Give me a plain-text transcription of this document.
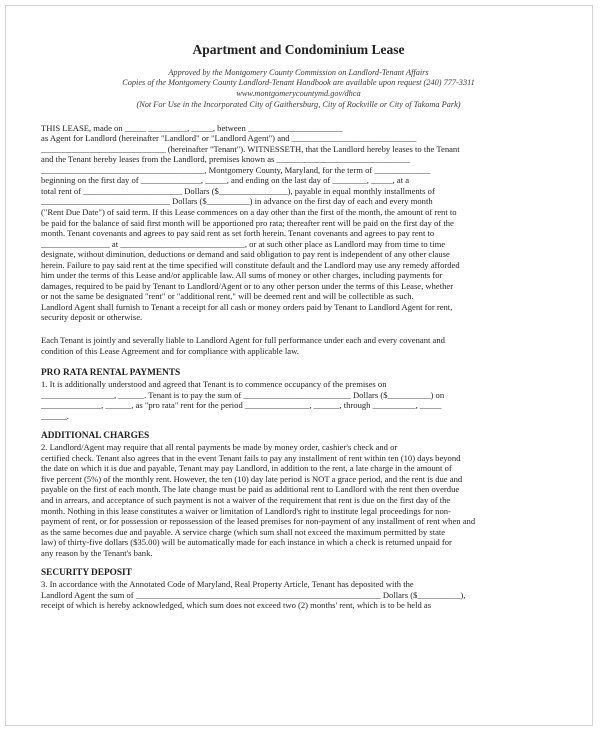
Apartment and Condominium Lease
Approved by the Montgomery County Commission on Landlord-Tenant Affairs
Copies of the Montgomery County Landlord-Tenant Handbook are available upon request (240) 777-3311
www.montgomerycountymd.gov/dhca
(Not For Use in the Incorporated City of Gaithersburg, City of Rockville or City of Takoma Park)
THIS LEASE, made on _____ _________, _____, between ______________________
as Agent for Landlord (hereinafter "Landlord" or "Landlord Agent") and _____________________________
_____________________________ (hereinafter "Tenant"). WITNESSETH, that the Landlord hereby leases to the Tenant
and the Tenant hereby leases from the Landlord, premises known as _______________________________
______________________________________, Montgomery County, Maryland, for the term of _____________
beginning on the first day of ______________, _____, and ending on the last day of ________, _____, at a
total rent of _______________________ Dollars ($________________), payable in equal monthly installments of
______________________________ Dollars ($__________) in advance on the first day of each and every month
("Rent Due Date") of said term. If this Lease commences on a day other than the first of the month, the amount of rent to
be paid for the balance of said first month will be apportioned pro rata; thereafter rent will be paid on the first day of the
month. Tenant covenants and agrees to pay said rent as set forth herein. Tenant covenants and agrees to pay rent to
________________ at _____________________________, or at such other place as Landlord may from time to time
designate, without diminution, deductions or demand and said obligation to pay rent is independent of any other clause
herein. Failure to pay said rent at the time specified will constitute default and the Landlord may use any remedy afforded
him under the terms of this Lease and/or applicable law. All sums of money or other charges, including payments for
damages, required to be paid by Tenant to Landlord/Agent or to any other person under the terms of this Lease, whether
or not the same be designated "rent" or "additional rent," will be deemed rent and will be collectible as such.
Landlord Agent shall furnish to Tenant a receipt for all cash or money orders paid by Tenant to Landlord Agent for rent,
security deposit or otherwise.
Each Tenant is jointly and severally liable to Landlord Agent for full performance under each and every covenant and
condition of this Lease Agreement and for compliance with applicable law.
PRO RATA RENTAL PAYMENTS
1. It is additionally understood and agreed that Tenant is to commence occupancy of the premises on
_________________, ______. Tenant is to pay the sum of _________________________ Dollars ($__________) on
______________, ______, as "pro rata" rent for the period _______________, ______, through __________, _____
______.
ADDITIONAL CHARGES
2. Landlord/Agent may require that all rental payments be made by money order, cashier's check and or
certified check. Tenant also agrees that in the event Tenant fails to pay any installment of rent within ten (10) days beyond
the date on which it is due and payable, Tenant may pay Landlord, in addition to the rent, a late charge in the amount of
five percent (5%) of the monthly rent. However, the ten (10) day late period is NOT a grace period, and the rent is due and
payable on the first of each month. The late change must be paid as additional rent to Landlord with the rent then overdue
and in arrears, and acceptance of such payment is not a waiver of the requirement that rent is due on the first day of the
month. Nothing in this lease constitutes a waiver or limitation of Landlord's right to institute legal proceedings for non-
payment of rent, or for possession or repossession of the leased premises for non-payment of any installment of rent when and
as the same becomes due and payable. A service charge (which sum shall not exceed the maximum permitted by state
law) of thirty-five dollars ($35.00) will be automatically made for each instance in which a check is returned unpaid for
any reason by the Tenant's bank.
SECURITY DEPOSIT
3. In accordance with the Annotated Code of Maryland, Real Property Article, Tenant has deposited with the
Landlord Agent the sum of _________________________________________________________ Dollars ($__________),
receipt of which is hereby acknowledged, which sum does not exceed two (2) months' rent, which is to be held as
